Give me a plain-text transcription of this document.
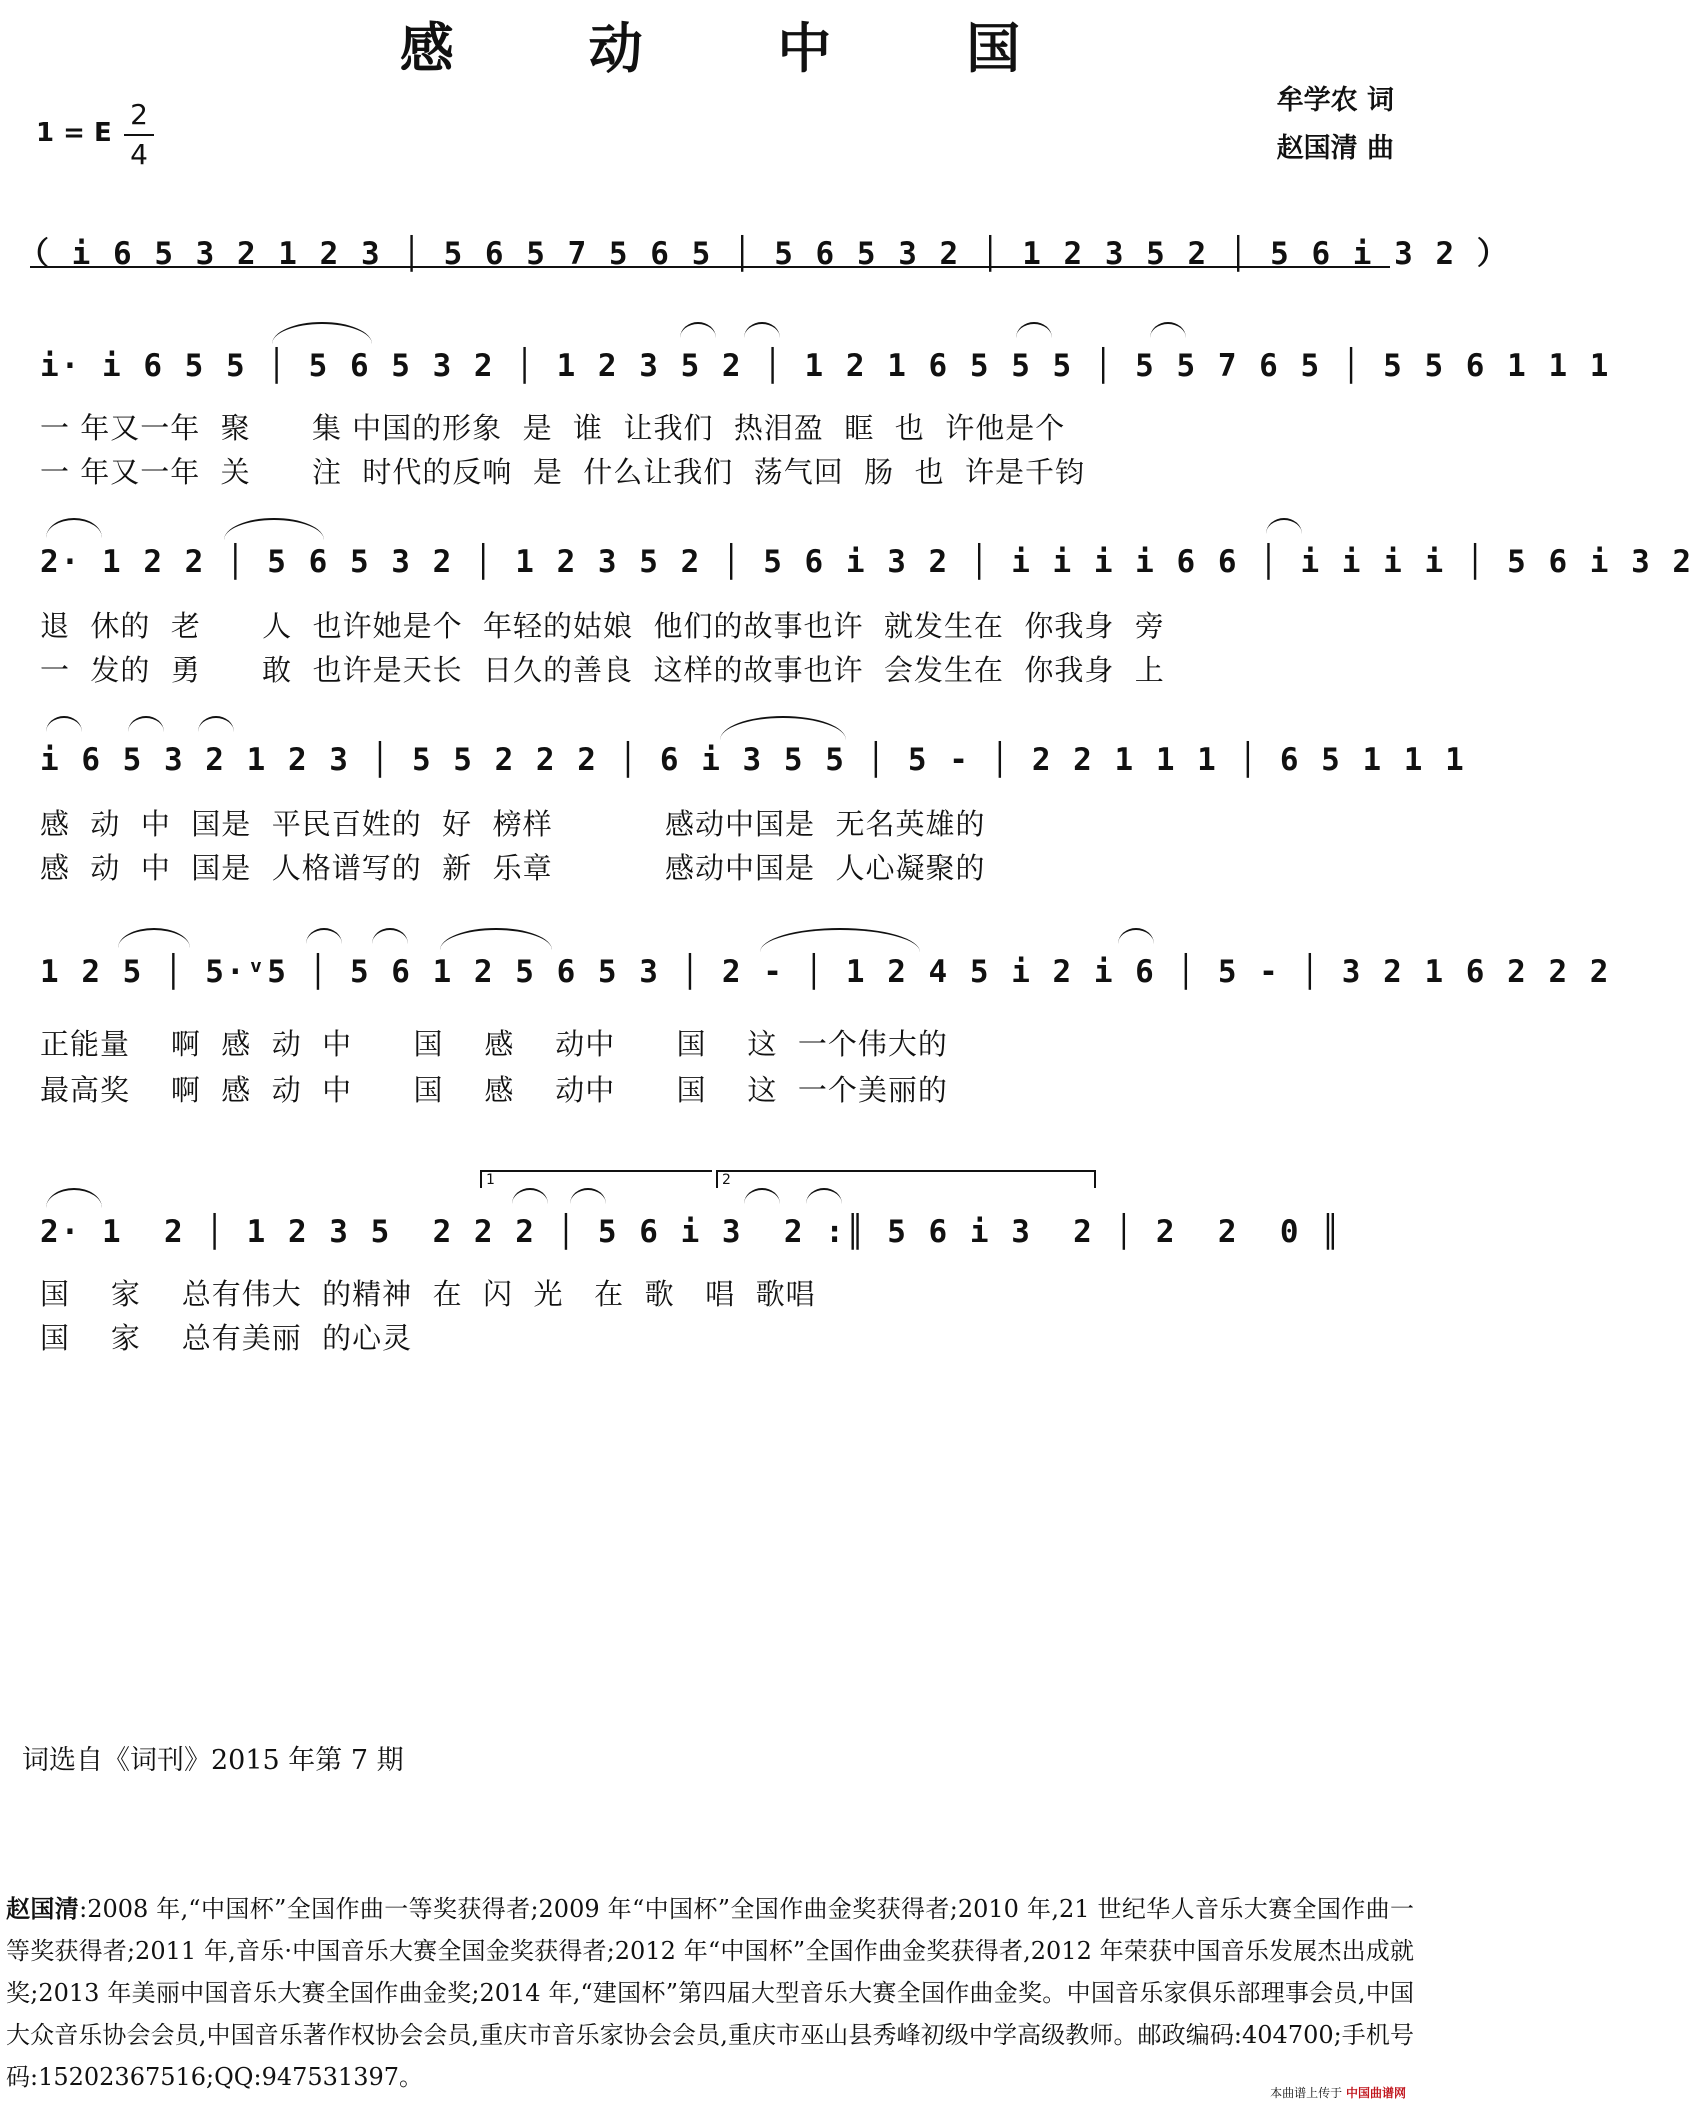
感 动 中 国
牟学农 词
赵国清 曲
1 = E $\frac{2}{4}$
（ i 6 5 3 2 1 2 3 │ 5 6 5 7 5 6 5 │ 5 6 5 3 2 │ 1 2 3 5 2 │ 5 6 i 3 2 ）
i· i 6 5 5 │ 5 6 5 3 2 │ 1 2 3 5 2 │ 1 2 1 6 5 5 5 │ 5 5 7 6 5 │ 5 5 6 1 1 1
一 年又一年  聚      集 中国的形象  是  谁  让我们  热泪盈  眶  也  许他是个
一 年又一年  关      注  时代的反响  是  什么让我们  荡气回  肠  也  许是千钧
2· 1 2 2 │ 5 6 5 3 2 │ 1 2 3 5 2 │ 5 6 i 3 2 │ i i i i 6 6 │ i i i i │ 5 6 i 3 2
退  休的  老      人  也许她是个  年轻的姑娘  他们的故事也许  就发生在  你我身  旁
一  发的  勇      敢  也许是天长  日久的善良  这样的故事也许  会发生在  你我身  上
i 6 5 3 2 1 2 3 │ 5 5 2 2 2 │ 6 i 3 5 5 │ 5 - │ 2 2 1 1 1 │ 6 5 1 1 1
感  动  中  国是  平民百姓的  好  榜样           感动中国是  无名英雄的
感  动  中  国是  人格谱写的  新  乐章           感动中国是  人心凝聚的
1 2 5 │ 5·ᵛ5 │ 5 6 1 2 5 6 5 3 │ 2 - │ 1 2 4 5 i 2 i 6 │ 5 - │ 3 2 1 6 2 2 2
正能量    啊  感  动  中      国    感    动中      国    这  一个伟大的
最高奖    啊  感  动  中      国    感    动中      国    这  一个美丽的
1	2
2· 1  2 │ 1 2 3 5  2 2 2 │ 5 6 i 3  2 :║ 5 6 i 3  2 │ 2  2  0 ║
国    家    总有伟大  的精神  在  闪  光   在  歌   唱  歌唱
国    家    总有美丽  的心灵
词选自《词刊》2015 年第 7 期
赵国清:2008 年,“中国杯”全国作曲一等奖获得者;2009 年“中国杯”全国作曲金奖获得者;2010 年,21 世纪华人音乐大赛全国作曲一等奖获得者;2011 年,音乐·中国音乐大赛全国金奖获得者;2012 年“中国杯”全国作曲金奖获得者,2012 年荣获中国音乐发展杰出成就奖;2013 年美丽中国音乐大赛全国作曲金奖;2014 年,“建国杯”第四届大型音乐大赛全国作曲金奖。中国音乐家俱乐部理事会员,中国大众音乐协会会员,中国音乐著作权协会会员,重庆市音乐家协会会员,重庆市巫山县秀峰初级中学高级教师。邮政编码:404700;手机号码:15202367516;QQ:947531397。
本曲谱上传于 中国曲谱网
